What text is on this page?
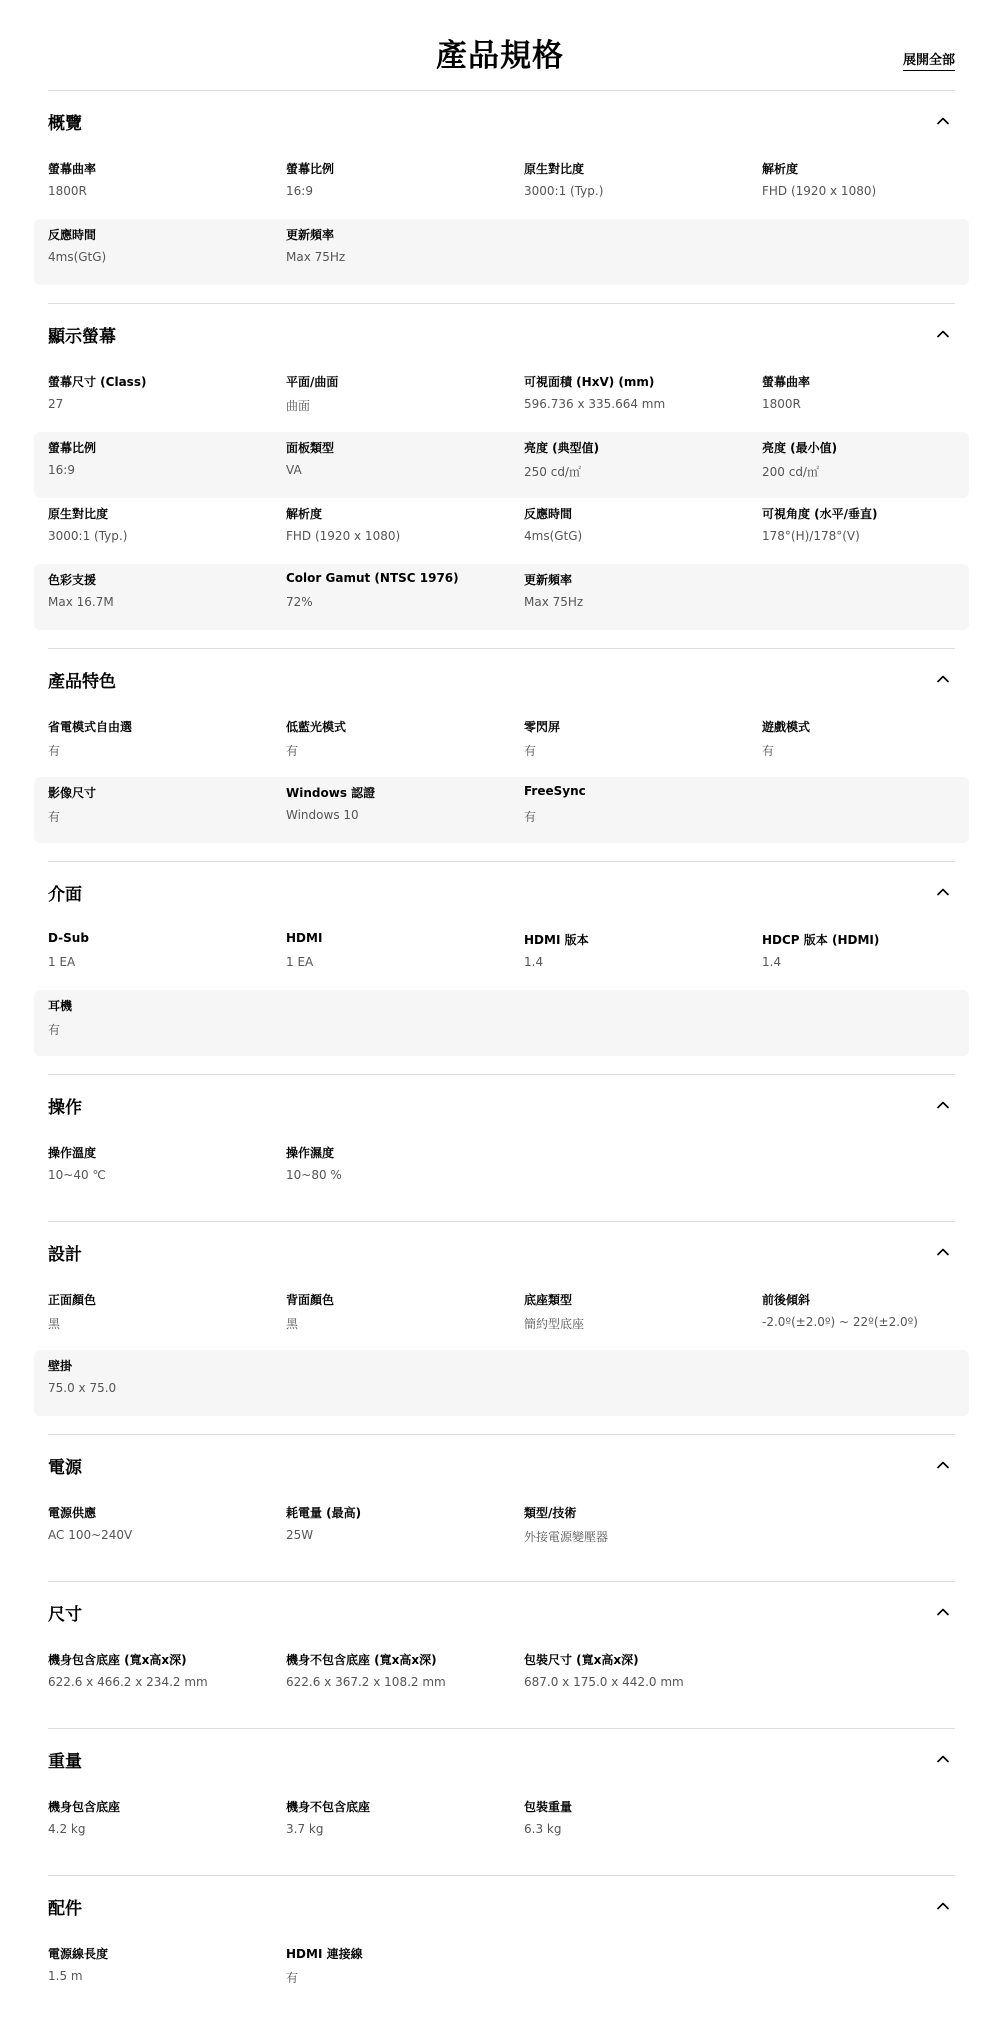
產品規格	展開全部
概覽
螢幕曲率
1800R
螢幕比例
16:9
原生對比度
3000:1 (Typ.)
解析度
FHD (1920 x 1080)
反應時間
4ms(GtG)
更新頻率
Max 75Hz
顯示螢幕
螢幕尺寸 (Class)
27
平面/曲面
曲面
可視面積 (HxV) (mm)
596.736 x 335.664 mm
螢幕曲率
1800R
螢幕比例
16:9
面板類型
VA
亮度 (典型值)
250 cd/㎡
亮度 (最小值)
200 cd/㎡
原生對比度
3000:1 (Typ.)
解析度
FHD (1920 x 1080)
反應時間
4ms(GtG)
可視角度 (水平/垂直)
178°(H)/178°(V)
色彩支援
Max 16.7M
Color Gamut (NTSC 1976)
72%
更新頻率
Max 75Hz
產品特色
省電模式自由選
有
低藍光模式
有
零閃屏
有
遊戲模式
有
影像尺寸
有
Windows 認證
Windows 10
FreeSync
有
介面
D-Sub
1 EA
HDMI
1 EA
HDMI 版本
1.4
HDCP 版本 (HDMI)
1.4
耳機
有
操作
操作溫度
10~40 ℃
操作濕度
10~80 %
設計
正面顏色
黑
背面顏色
黑
底座類型
簡約型底座
前後傾斜
-2.0º(±2.0º) ~ 22º(±2.0º)
壁掛
75.0 x 75.0
電源
電源供應
AC 100~240V
耗電量 (最高)
25W
類型/技術
外接電源變壓器
尺寸
機身包含底座 (寬x高x深)
622.6 x 466.2 x 234.2 mm
機身不包含底座 (寬x高x深)
622.6 x 367.2 x 108.2 mm
包裝尺寸 (寬x高x深)
687.0 x 175.0 x 442.0 mm
重量
機身包含底座
4.2 kg
機身不包含底座
3.7 kg
包裝重量
6.3 kg
配件
電源線長度
1.5 m
HDMI 連接線
有
